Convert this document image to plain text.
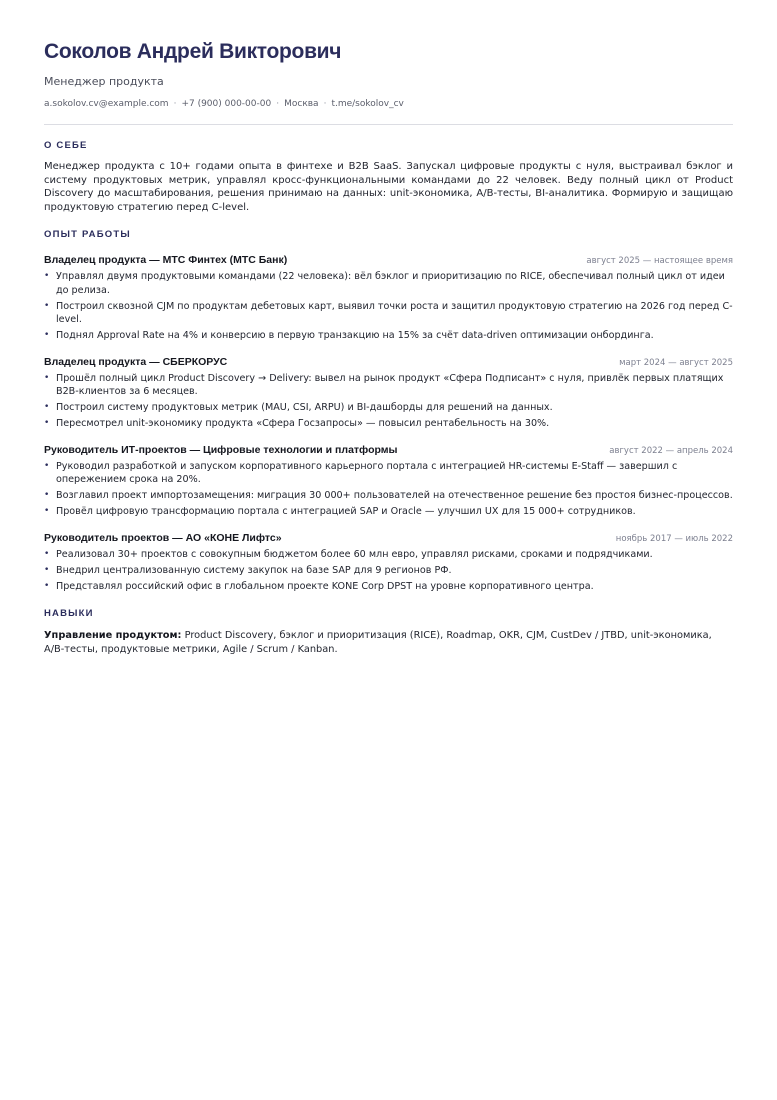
Соколов Андрей Викторович
Менеджер продукта
a.sokolov.cv@example.com · +7 (900) 000-00-00 · Москва · t.me/sokolov_cv
О СЕБЕ
Менеджер продукта с 10+ годами опыта в финтехе и B2B SaaS. Запускал цифровые продукты с нуля, выстраивал бэклог и систему продуктовых метрик, управлял кросс-функциональными командами до 22 человек. Веду полный цикл от Product Discovery до масштабирования, решения принимаю на данных: unit-экономика, A/B-тесты, BI-аналитика. Формирую и защищаю продуктовую стратегию перед C-level.
ОПЫТ РАБОТЫ
Владелец продукта — МТС Финтех (МТС Банк)	август 2025 — настоящее время
• Управлял двумя продуктовыми командами (22 человека): вёл бэклог и приоритизацию по RICE, обеспечивал полный цикл от идеи до релиза.
• Построил сквозной CJM по продуктам дебетовых карт, выявил точки роста и защитил продуктовую стратегию на 2026 год перед C-level.
• Поднял Approval Rate на 4% и конверсию в первую транзакцию на 15% за счёт data-driven оптимизации онбординга.
Владелец продукта — СБЕРКОРУС	март 2024 — август 2025
• Прошёл полный цикл Product Discovery → Delivery: вывел на рынок продукт «Сфера Подписант» с нуля, привлёк первых платящих B2B-клиентов за 6 месяцев.
• Построил систему продуктовых метрик (MAU, CSI, ARPU) и BI-дашборды для решений на данных.
• Пересмотрел unit-экономику продукта «Сфера Госзапросы» — повысил рентабельность на 30%.
Руководитель ИТ-проектов — Цифровые технологии и платформы	август 2022 — апрель 2024
• Руководил разработкой и запуском корпоративного карьерного портала с интеграцией HR-системы E-Staff — завершил с опережением срока на 20%.
• Возглавил проект импортозамещения: миграция 30 000+ пользователей на отечественное решение без простоя бизнес-процессов.
• Провёл цифровую трансформацию портала с интеграцией SAP и Oracle — улучшил UX для 15 000+ сотрудников.
Руководитель проектов — АО «КОНЕ Лифтс»	ноябрь 2017 — июль 2022
• Реализовал 30+ проектов с совокупным бюджетом более 60 млн евро, управлял рисками, сроками и подрядчиками.
• Внедрил централизованную систему закупок на базе SAP для 9 регионов РФ.
• Представлял российский офис в глобальном проекте KONE Corp DPST на уровне корпоративного центра.
НАВЫКИ
Управление продуктом: Product Discovery, бэклог и приоритизация (RICE), Roadmap, OKR, CJM, CustDev / JTBD, unit-экономика, A/B-тесты, продуктовые метрики, Agile / Scrum / Kanban.
